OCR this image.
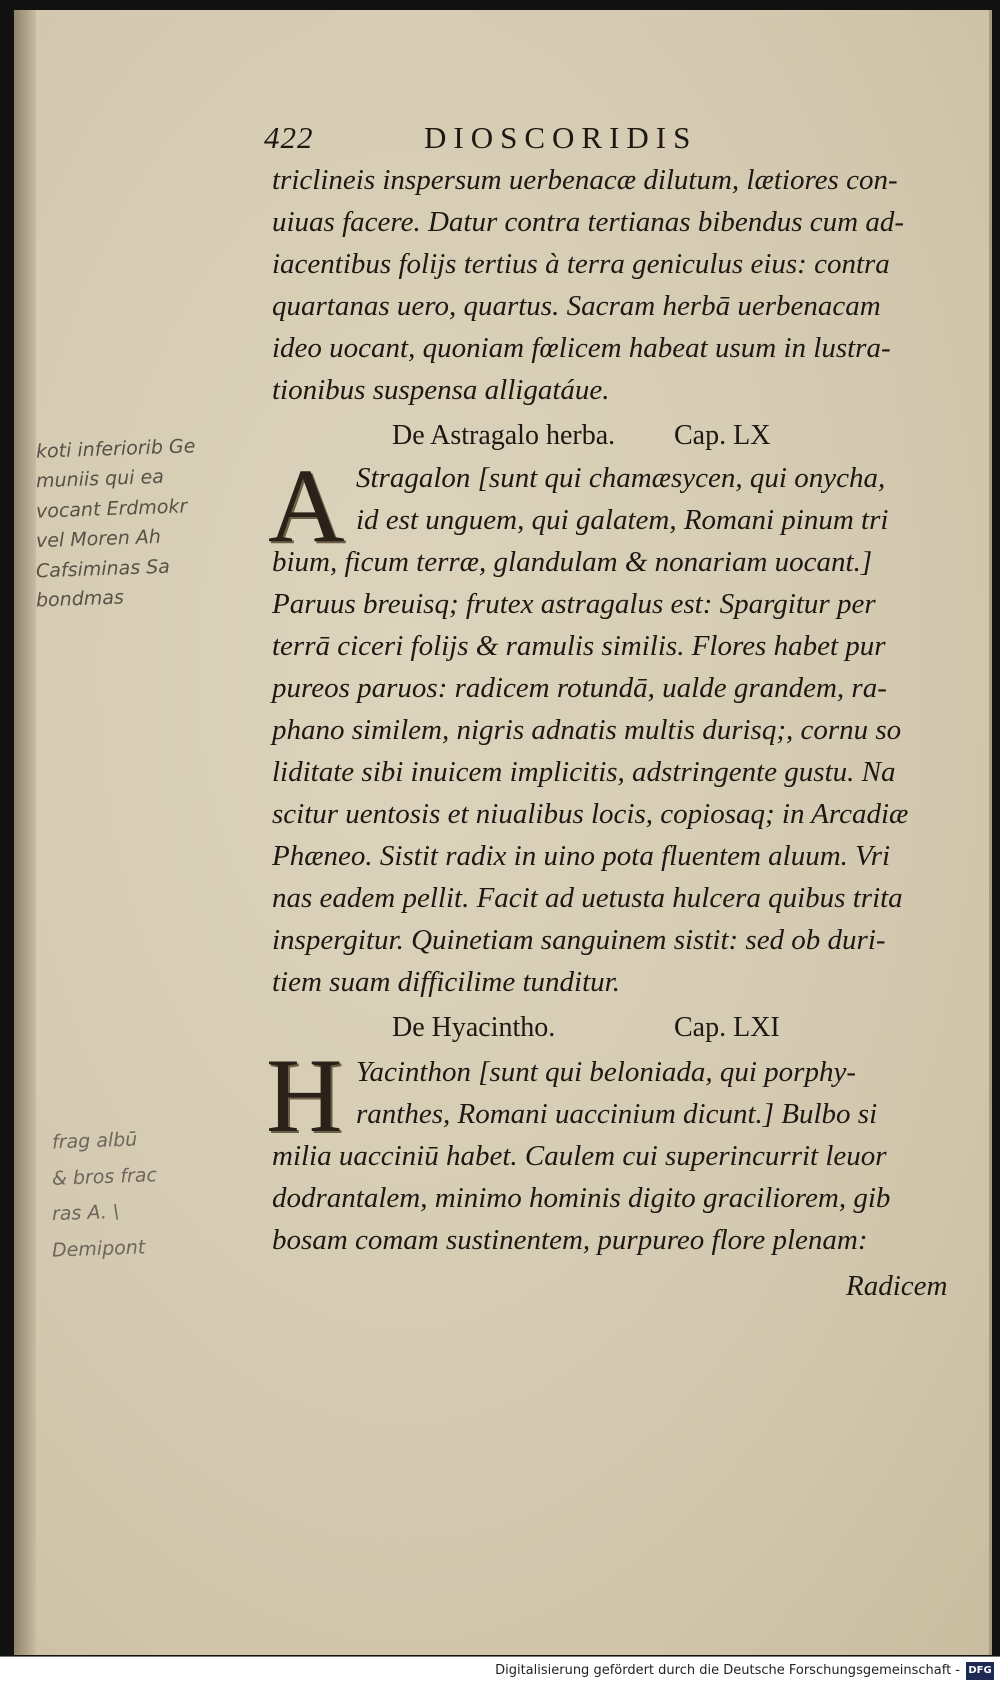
422	DIOSCORIDIS
triclineis inspersum uerbenacæ dilutum, lætiores con-
uiuas facere. Datur contra tertianas bibendus cum ad-
iacentibus folijs tertius à terra geniculus eius: contra
quartanas uero, quartus. Sacram herbā uerbenacam
ideo uocant, quoniam fœlicem habeat usum in lustra-
tionibus suspensa alligatáue.
De Astragalo herba. Cap. LX
A Stragalon [sunt qui chamæsycen, qui onycha,
id est unguem, qui galatem, Romani pinum tri
bium, ficum terræ, glandulam & nonariam uocant.]
Paruus breuisq; frutex astragalus est: Spargitur per
terrā ciceri folijs & ramulis similis. Flores habet pur
pureos paruos: radicem rotundā, ualde grandem, ra-
phano similem, nigris adnatis multis durisq;, cornu so
liditate sibi inuicem implicitis, adstringente gustu. Na
scitur uentosis et niualibus locis, copiosaq; in Arcadiæ
Phæneo. Sistit radix in uino pota fluentem aluum. Vri
nas eadem pellit. Facit ad uetusta hulcera quibus trita
inspergitur. Quinetiam sanguinem sistit: sed ob duri-
tiem suam difficilime tunditur.
De Hyacintho.	Cap. LXI
H Yacinthon [sunt qui beloniada, qui porphy-
ranthes, Romani uaccinium dicunt.] Bulbo si
milia uacciniū habet. Caulem cui superincurrit leuor
dodrantalem, minimo hominis digito graciliorem, gib
bosam comam sustinentem, purpureo flore plenam:
Radicem
koti inferiorib Ge
muniis qui ea
vocant Erdmokr
vel Moren Ah
Cafsiminas Sa
bondmas
frag albū
& bros frac
ras A. \
Demipont
Digitalisierung gefördert durch die Deutsche Forschungsgemeinschaft - DFG
